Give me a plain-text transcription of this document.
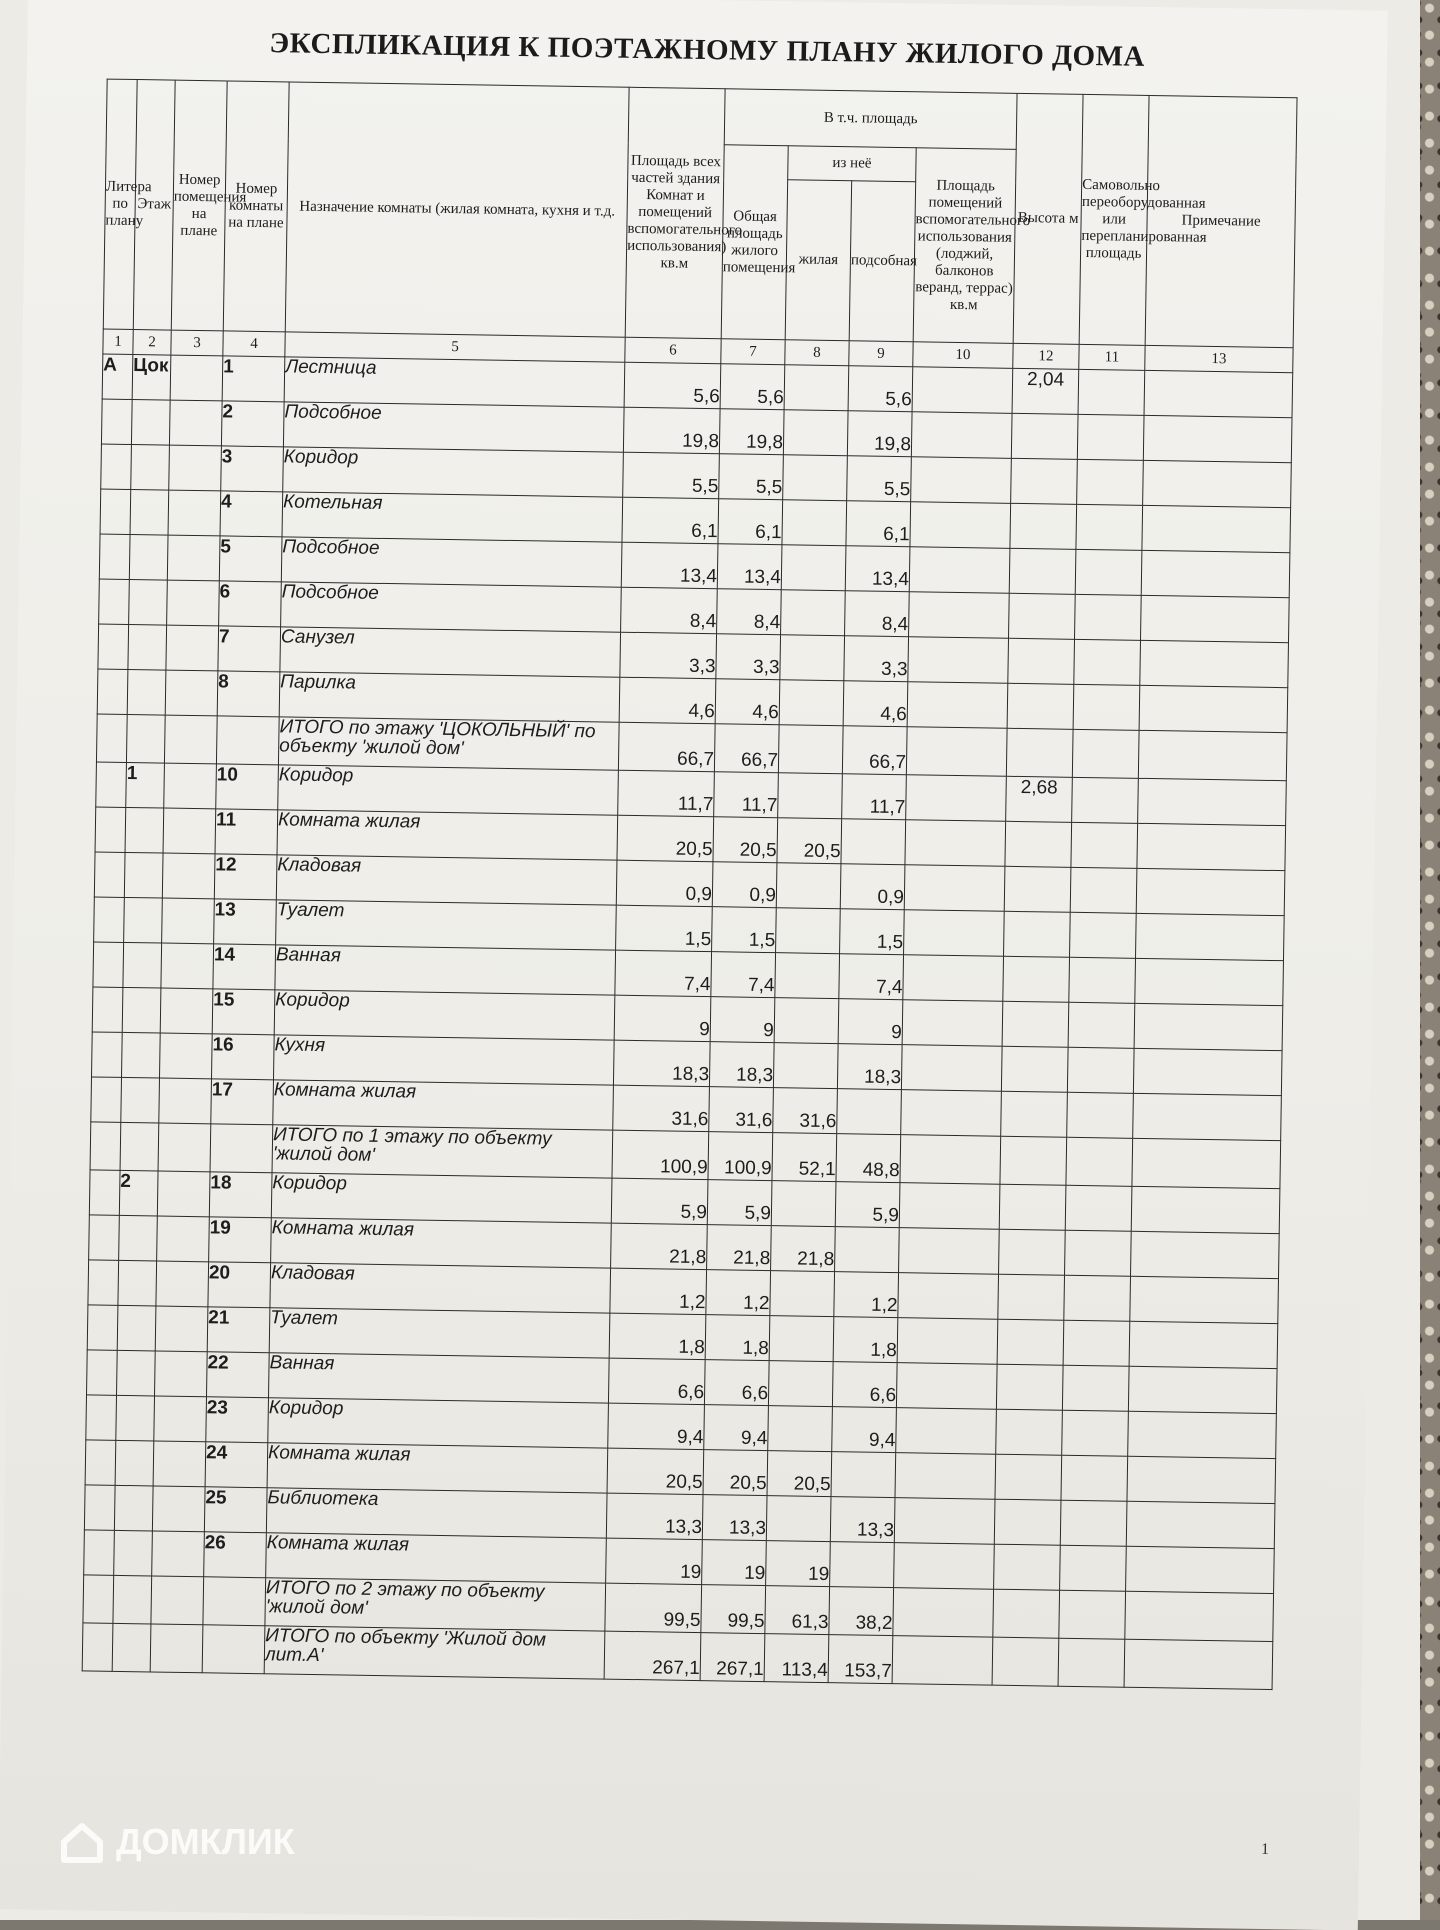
ЭКСПЛИКАЦИЯ К ПОЭТАЖНОМУ ПЛАНУ ЖИЛОГО ДОМА
Литера по плану	Этаж	Номер помещения на плане	Номер комнаты на плане	Назначение комнаты (жилая комната, кухня и т.д.	Площадь всех частей здания Комнат и помещений вспомогательного использования) кв.м	В т.ч. площадь				Высота м	Самовольно переоборудованная или перепланированная площадь	Примечание
						Общая площадь жилого помещения	из неё		Площадь помещений вспомогательного использования (лоджий, балконов веранд, террас) кв.м			
							жилая	подсобная				
1	2	3	4	5	6	7	8	9	10	12	11	13
А	Цок		1	Лестница	5,6	5,6		5,6		2,04		
			2	Подсобное	19,8	19,8		19,8				
			3	Коридор	5,5	5,5		5,5				
			4	Котельная	6,1	6,1		6,1				
			5	Подсобное	13,4	13,4		13,4				
			6	Подсобное	8,4	8,4		8,4				
			7	Санузел	3,3	3,3		3,3				
			8	Парилка	4,6	4,6		4,6				
				ИТОГО по этажу 'ЦОКОЛЬНЫЙ' по объекту 'жилой дом'	66,7	66,7		66,7				
	1		10	Коридор	11,7	11,7		11,7		2,68		
			11	Комната жилая	20,5	20,5	20,5					
			12	Кладовая	0,9	0,9		0,9				
			13	Туалет	1,5	1,5		1,5				
			14	Ванная	7,4	7,4		7,4				
			15	Коридор	9	9		9				
			16	Кухня	18,3	18,3		18,3				
			17	Комната жилая	31,6	31,6	31,6					
				ИТОГО по 1 этажу по объекту 'жилой дом'	100,9	100,9	52,1	48,8				
	2		18	Коридор	5,9	5,9		5,9				
			19	Комната жилая	21,8	21,8	21,8					
			20	Кладовая	1,2	1,2		1,2				
			21	Туалет	1,8	1,8		1,8				
			22	Ванная	6,6	6,6		6,6				
			23	Коридор	9,4	9,4		9,4				
			24	Комната жилая	20,5	20,5	20,5					
			25	Библиотека	13,3	13,3		13,3				
			26	Комната жилая	19	19	19					
				ИТОГО по 2 этажу по объекту 'жилой дом'	99,5	99,5	61,3	38,2				
				ИТОГО по объекту 'Жилой дом лит.А'	267,1	267,1	113,4	153,7				
1
ДОМКЛИК
